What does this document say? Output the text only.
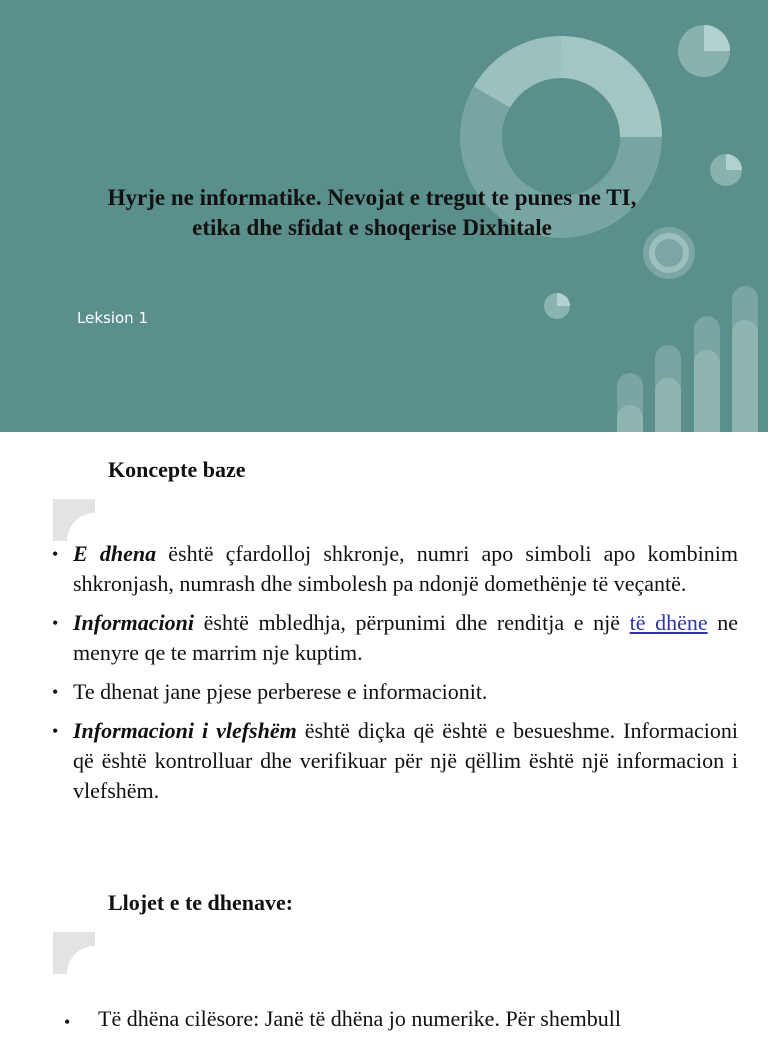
Hyrje ne informatike. Nevojat e tregut te punes ne TI,
etika dhe sfidat e shoqerise Dixhitale
Leksion 1
Koncepte baze
• E dhena është çfardolloj shkronje, numri apo simboli apo kombinim shkronjash, numrash dhe simbolesh pa ndonjë domethënje të veçantë.
• Informacioni është mbledhja, përpunimi dhe renditja e një të dhëne ne menyre qe te marrim nje kuptim.
• Te dhenat jane pjese perberese e informacionit.
• Informacioni i vlefshëm është diçka që është e besueshme. Informacioni që është kontrolluar dhe verifikuar për një qëllim është një informacion i vlefshëm.
Llojet e te dhenave:
• Të dhëna cilësore: Janë të dhëna jo numerike. Për shembull
